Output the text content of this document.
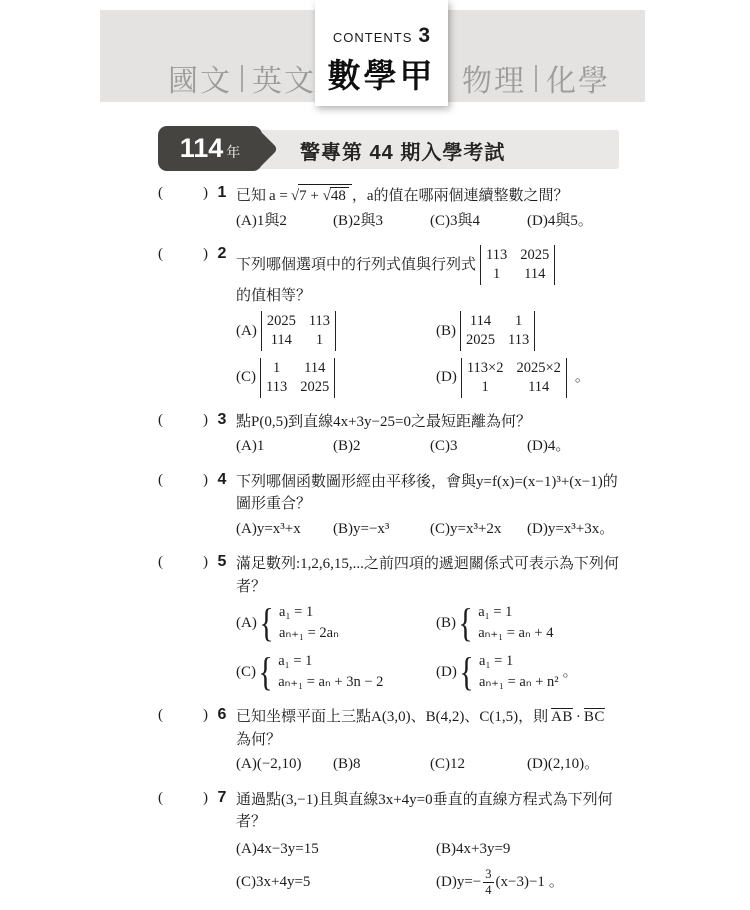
國文 英文
CONTENTS 3
數學甲 物理 化學
114 年	警專第 44 期入學考試
(	) 1 已知 a = √ 7 + √48 ，a的值在哪兩個連續整數之間？
(A)1與2	(B)2與3	(C)3與4	(D)4與5。
(	) 2
下列哪個選項中的行列式值與行列式
113 2025
1	114
的值相等？
(A)
2025 113
114	1
(B)
114	1
2025 113
(C)
1	114
113 2025
(D)
113×2 2025×2
1	114
。
(	) 3 點P(0,5)到直線4x+3y−25=0之最短距離為何？
(A)1	(B)2	(C)3	(D)4。
(	) 4 下列哪個函數圖形經由平移後，會與y=f(x)=(x−1)³+(x−1)的圖形重合？
(A)y=x³+x	(B)y=−x³	(C)y=x³+2x	(D)y=x³+3x。
(	) 5 滿足數列:1,2,6,15,...之前四項的遞迴關係式可表示為下列何者？
(A) { a₁ = 1
aₙ₊₁ = 2aₙ
(B) { a₁ = 1
aₙ₊₁ = aₙ + 4
(C) { a₁ = 1
aₙ₊₁ = aₙ + 3n − 2
(D) { a₁ = 1
aₙ₊₁ = aₙ + n²
。
(	) 6 已知坐標平面上三點A(3,0)、B(4,2)、C(1,5)，則 $\overline{AB} \cdot \overline{BC}$
為何？
(A)(−2,10)	(B)8	(C)12	(D)(2,10)。
(	) 7 通過點(3,−1)且與直線3x+4y=0垂直的直線方程式為下列何者？
(A)4x−3y=15	(B)4x+3y=9
(C)3x+4y=5	(D) $y=- \frac{3}{4} (x-3)-1$ 。
